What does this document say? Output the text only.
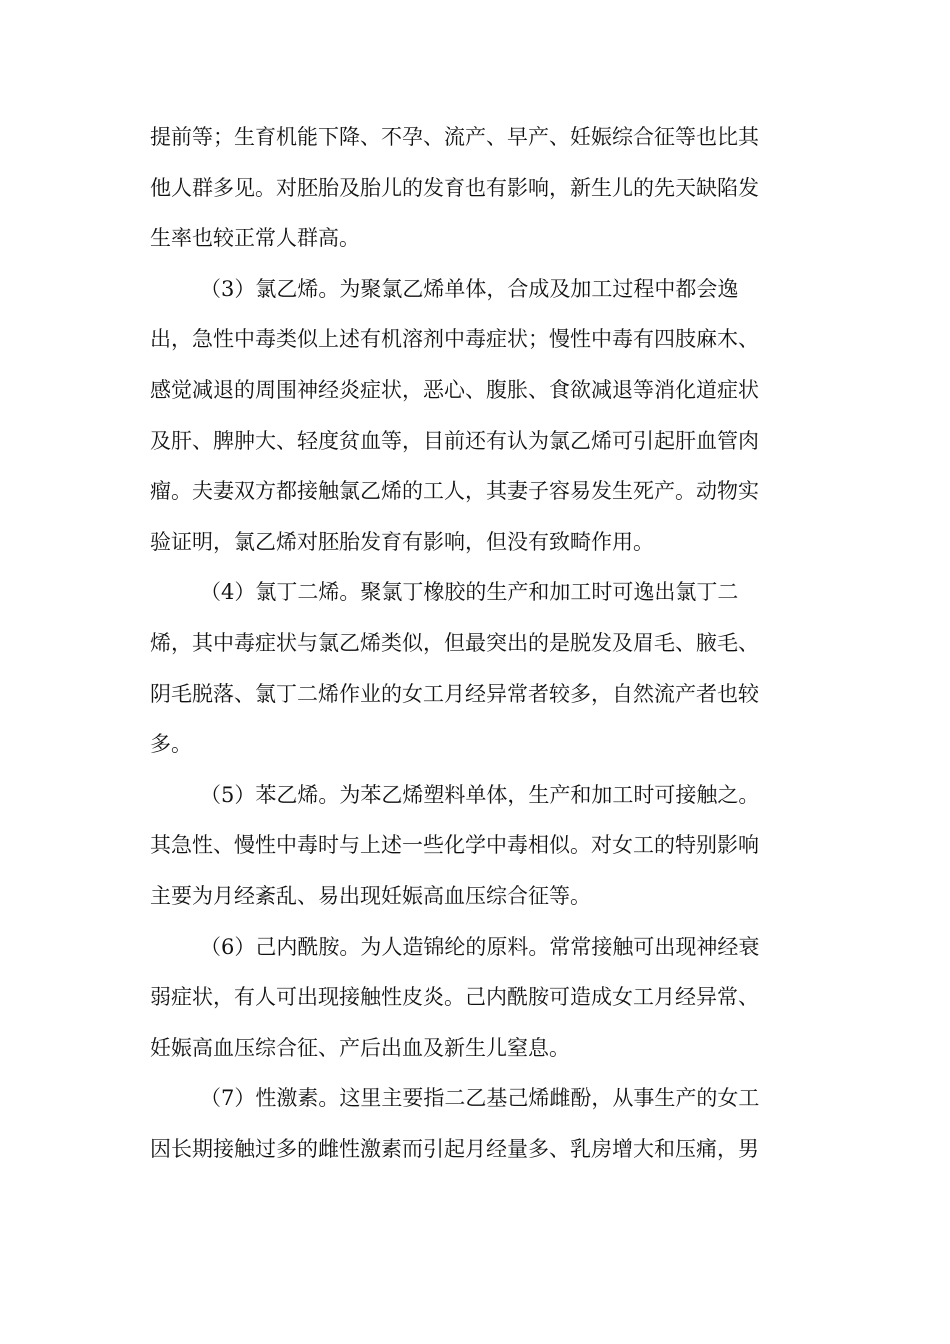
提前等；生育机能下降、不孕、流产、早产、妊娠综合征等也比其
他人群多见。对胚胎及胎儿的发育也有影响，新生儿的先天缺陷发
生率也较正常人群高。
（3）氯乙烯。为聚氯乙烯单体，合成及加工过程中都会逸
出，急性中毒类似上述有机溶剂中毒症状；慢性中毒有四肢麻木、
感觉减退的周围神经炎症状，恶心、腹胀、食欲减退等消化道症状
及肝、脾肿大、轻度贫血等，目前还有认为氯乙烯可引起肝血管肉
瘤。夫妻双方都接触氯乙烯的工人，其妻子容易发生死产。动物实
验证明，氯乙烯对胚胎发育有影响，但没有致畸作用。
（4）氯丁二烯。聚氯丁橡胶的生产和加工时可逸出氯丁二
烯，其中毒症状与氯乙烯类似，但最突出的是脱发及眉毛、腋毛、
阴毛脱落、氯丁二烯作业的女工月经异常者较多，自然流产者也较
多。
（5）苯乙烯。为苯乙烯塑料单体，生产和加工时可接触之。
其急性、慢性中毒时与上述一些化学中毒相似。对女工的特别影响
主要为月经紊乱、易出现妊娠高血压综合征等。
（6）己内酰胺。为人造锦纶的原料。常常接触可出现神经衰
弱症状，有人可出现接触性皮炎。己内酰胺可造成女工月经异常、
妊娠高血压综合征、产后出血及新生儿窒息。
（7）性激素。这里主要指二乙基己烯雌酚，从事生产的女工
因长期接触过多的雌性激素而引起月经量多、乳房增大和压痛，男
